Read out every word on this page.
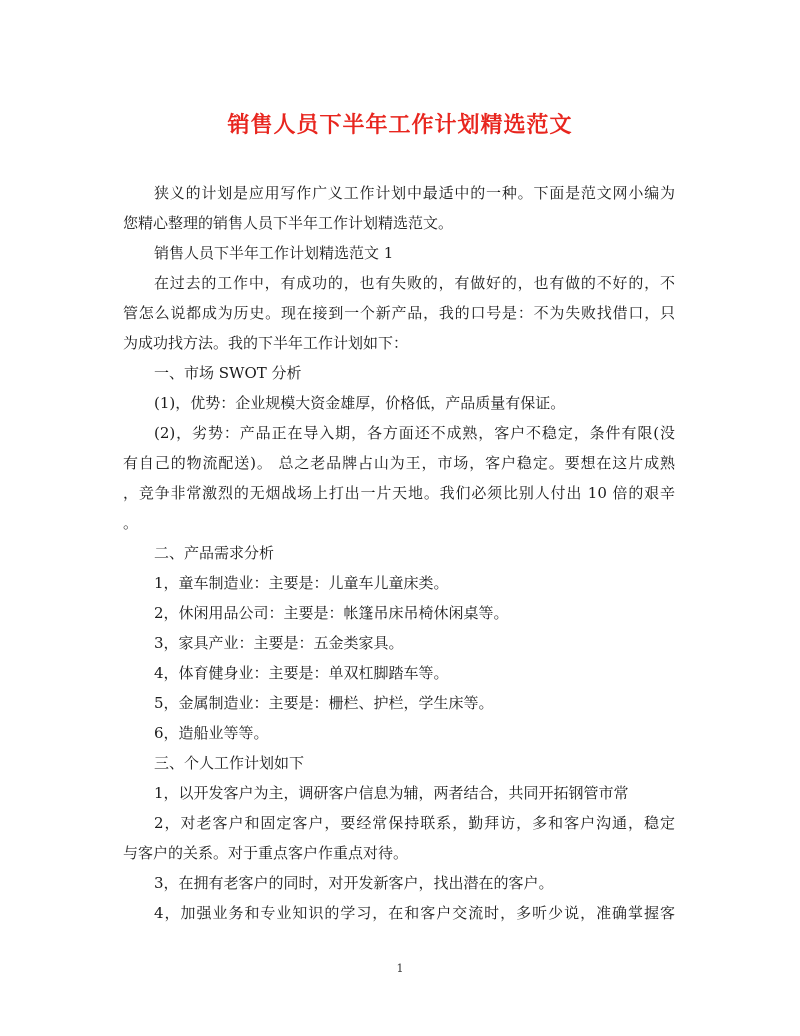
销售人员下半年工作计划精选范文

狭义的计划是应用写作广义工作计划中最适中的一种。下面是范文网小编为

您精心整理的销售人员下半年工作计划精选范文。

销售人员下半年工作计划精选范文 1

在过去的工作中，有成功的，也有失败的，有做好的，也有做的不好的，不

管怎么说都成为历史。现在接到一个新产品，我的口号是：不为失败找借口，只

为成功找方法。我的下半年工作计划如下：

一、市场 SWOT 分析

(1)，优势：企业规模大资金雄厚，价格低，产品质量有保证。

(2)，劣势：产品正在导入期，各方面还不成熟，客户不稳定，条件有限(没

有自己的物流配送)。 总之老品牌占山为王，市场，客户稳定。要想在这片成熟

，竞争非常激烈的无烟战场上打出一片天地。我们必须比别人付出 10 倍的艰辛

。

二、产品需求分析

1，童车制造业：主要是：儿童车儿童床类。

2，休闲用品公司：主要是：帐篷吊床吊椅休闲桌等。

3，家具产业：主要是：五金类家具。

4，体育健身业：主要是：单双杠脚踏车等。

5，金属制造业：主要是：栅栏、护栏，学生床等。

6，造船业等等。

三、个人工作计划如下

1，以开发客户为主，调研客户信息为辅，两者结合，共同开拓钢管市常

2，对老客户和固定客户，要经常保持联系，勤拜访，多和客户沟通，稳定

与客户的关系。对于重点客户作重点对待。

3，在拥有老客户的同时，对开发新客户，找出潜在的客户。

4，加强业务和专业知识的学习，在和客户交流时，多听少说，准确掌握客

1
